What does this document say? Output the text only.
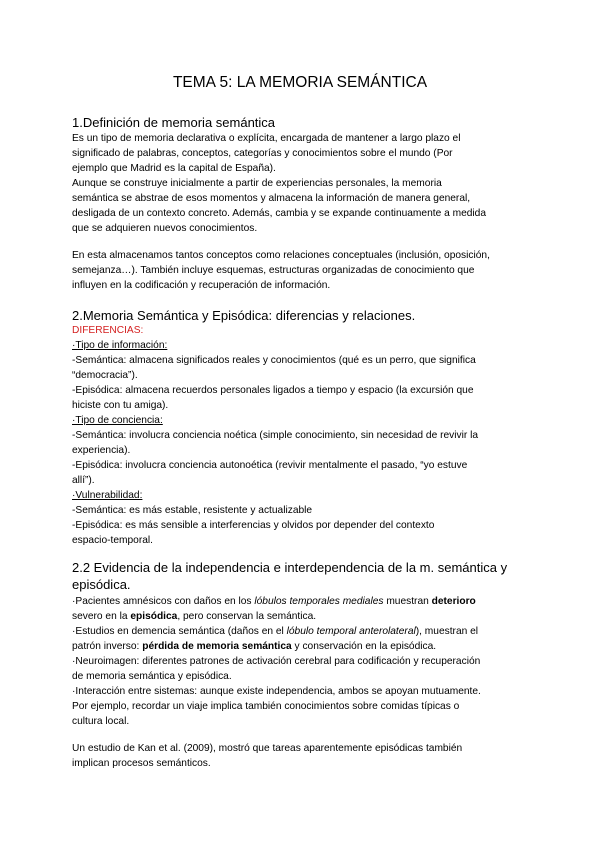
TEMA 5: LA MEMORIA SEMÁNTICA
1.Definición de memoria semántica
Es un tipo de memoria declarativa o explícita, encargada de mantener a largo plazo el
significado de palabras, conceptos, categorías y conocimientos sobre el mundo (Por
ejemplo que Madrid es la capital de España).
Aunque se construye inicialmente a partir de experiencias personales, la memoria
semántica se abstrae de esos momentos y almacena la información de manera general,
desligada de un contexto concreto. Además, cambia y se expande continuamente a medida
que se adquieren nuevos conocimientos.
En esta almacenamos tantos conceptos como relaciones conceptuales (inclusión, oposición,
semejanza…). También incluye esquemas, estructuras organizadas de conocimiento que
influyen en la codificación y recuperación de información.
2.Memoria Semántica y Episódica: diferencias y relaciones.
DIFERENCIAS:
·Tipo de información:
-Semántica: almacena significados reales y conocimientos (qué es un perro, que significa
“democracia”).
-Episódica: almacena recuerdos personales ligados a tiempo y espacio (la excursión que
hiciste con tu amiga).
·Tipo de conciencia:
-Semántica: involucra conciencia noética (simple conocimiento, sin necesidad de revivir la
experiencia).
-Episódica: involucra conciencia autonoética (revivir mentalmente el pasado, “yo estuve
allí”).
·Vulnerabilidad:
-Semántica: es más estable, resistente y actualizable
-Episódica: es más sensible a interferencias y olvidos por depender del contexto
espacio-temporal.
2.2 Evidencia de la independencia e interdependencia de la m. semántica y
episódica.
·Pacientes amnésicos con daños en los lóbulos temporales mediales muestran deterioro
severo en la episódica, pero conservan la semántica.
·Estudios en demencia semántica (daños en el lóbulo temporal anterolateral), muestran el
patrón inverso: pérdida de memoria semántica y conservación en la episódica.
·Neuroimagen: diferentes patrones de activación cerebral para codificación y recuperación
de memoria semántica y episódica.
·Interacción entre sistemas: aunque existe independencia, ambos se apoyan mutuamente.
Por ejemplo, recordar un viaje implica también conocimientos sobre comidas típicas o
cultura local.
Un estudio de Kan et al. (2009), mostró que tareas aparentemente episódicas también
implican procesos semánticos.
